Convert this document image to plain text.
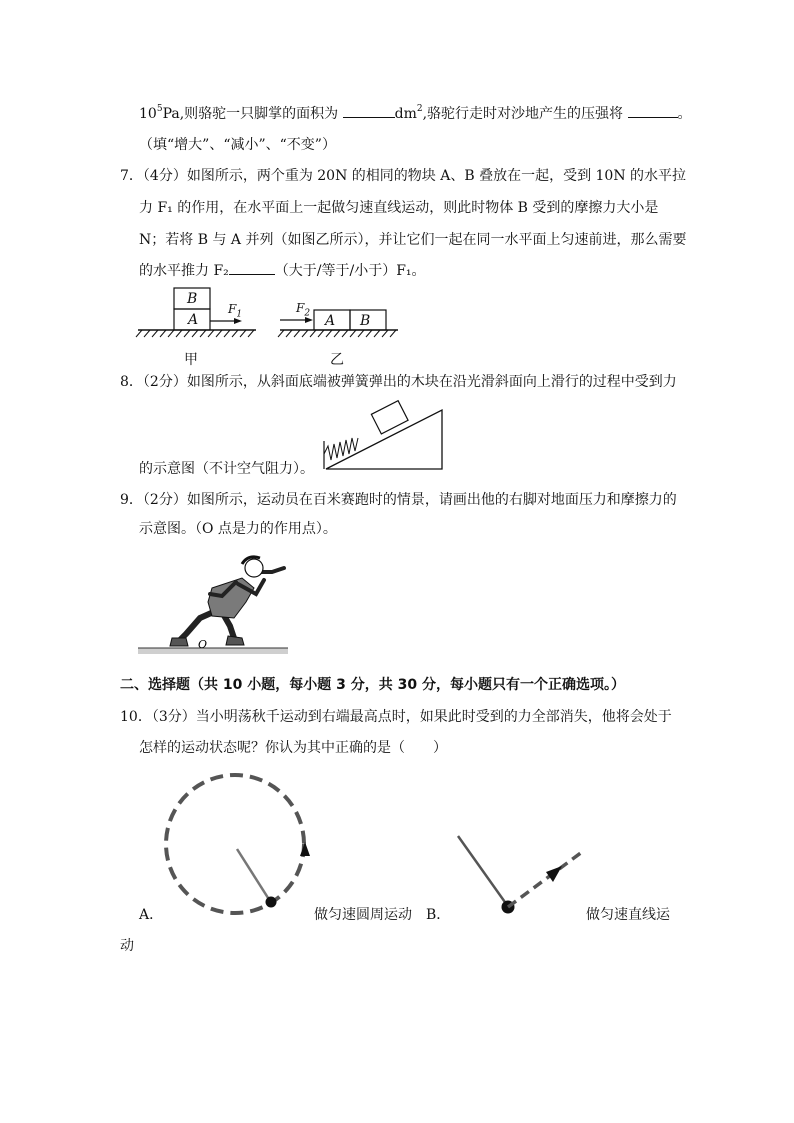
$10^5Pa$,则骆驼一只脚掌的面积为	$dm^2$,骆驼行走时对沙地产生的压强将	。
（填“增大”、“减小”、“不变”）
7．（4分）如图所示，两个重为 20N 的相同的物块 A、B 叠放在一起，受到 10N 的水平拉
力 F₁ 的作用，在水平面上一起做匀速直线运动，则此时物体 B 受到的摩擦力大小是
N；若将 B 与 A 并列（如图乙所示），并让它们一起在同一水平面上匀速前进，那么需要
的水平推力 F₂	（大于/等于/小于）F₁。
B
A
$F_1$
甲
$F_2$ A B
乙
8．（2分）如图所示，从斜面底端被弹簧弹出的木块在沿光滑斜面向上滑行的过程中受到力
的示意图（不计空气阻力）。
9．（2分）如图所示，运动员在百米赛跑时的情景，请画出他的右脚对地面压力和摩擦力的
示意图。（O 点是力的作用点）。
O
二、选择题（共 10 小题，每小题 3 分，共 30 分，每小题只有一个正确选项。）
10．（3分）当小明荡秋千运动到右端最高点时，如果此时受到的力全部消失，他将会处于
怎样的运动状态呢？你认为其中正确的是（　　）
A．	做匀速圆周运动 B．	做匀速直线运
动
